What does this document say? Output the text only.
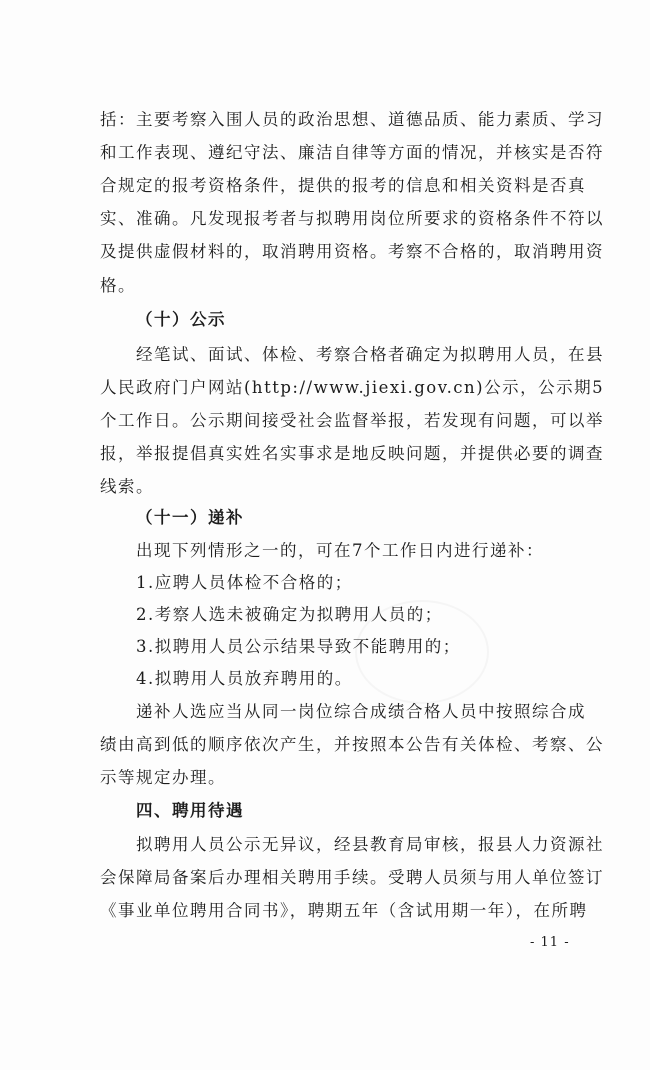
括：主要考察入围人员的政治思想、道德品质、能力素质、学习
和工作表现、遵纪守法、廉洁自律等方面的情况，并核实是否符
合规定的报考资格条件，提供的报考的信息和相关资料是否真
实、准确。凡发现报考者与拟聘用岗位所要求的资格条件不符以
及提供虚假材料的，取消聘用资格。考察不合格的，取消聘用资
格。
（十）公示
经笔试、面试、体检、考察合格者确定为拟聘用人员，在县
人民政府门户网站(http://www.jiexi.gov.cn)公示，公示期5
个工作日。公示期间接受社会监督举报，若发现有问题，可以举
报，举报提倡真实姓名实事求是地反映问题，并提供必要的调查
线索。
（十一）递补
出现下列情形之一的，可在7个工作日内进行递补：
1.应聘人员体检不合格的；
2.考察人选未被确定为拟聘用人员的；
3.拟聘用人员公示结果导致不能聘用的；
4.拟聘用人员放弃聘用的。
递补人选应当从同一岗位综合成绩合格人员中按照综合成
绩由高到低的顺序依次产生，并按照本公告有关体检、考察、公
示等规定办理。
四、聘用待遇
拟聘用人员公示无异议，经县教育局审核，报县人力资源社
会保障局备案后办理相关聘用手续。受聘人员须与用人单位签订
《事业单位聘用合同书》，聘期五年（含试用期一年），在所聘
- 11 -
